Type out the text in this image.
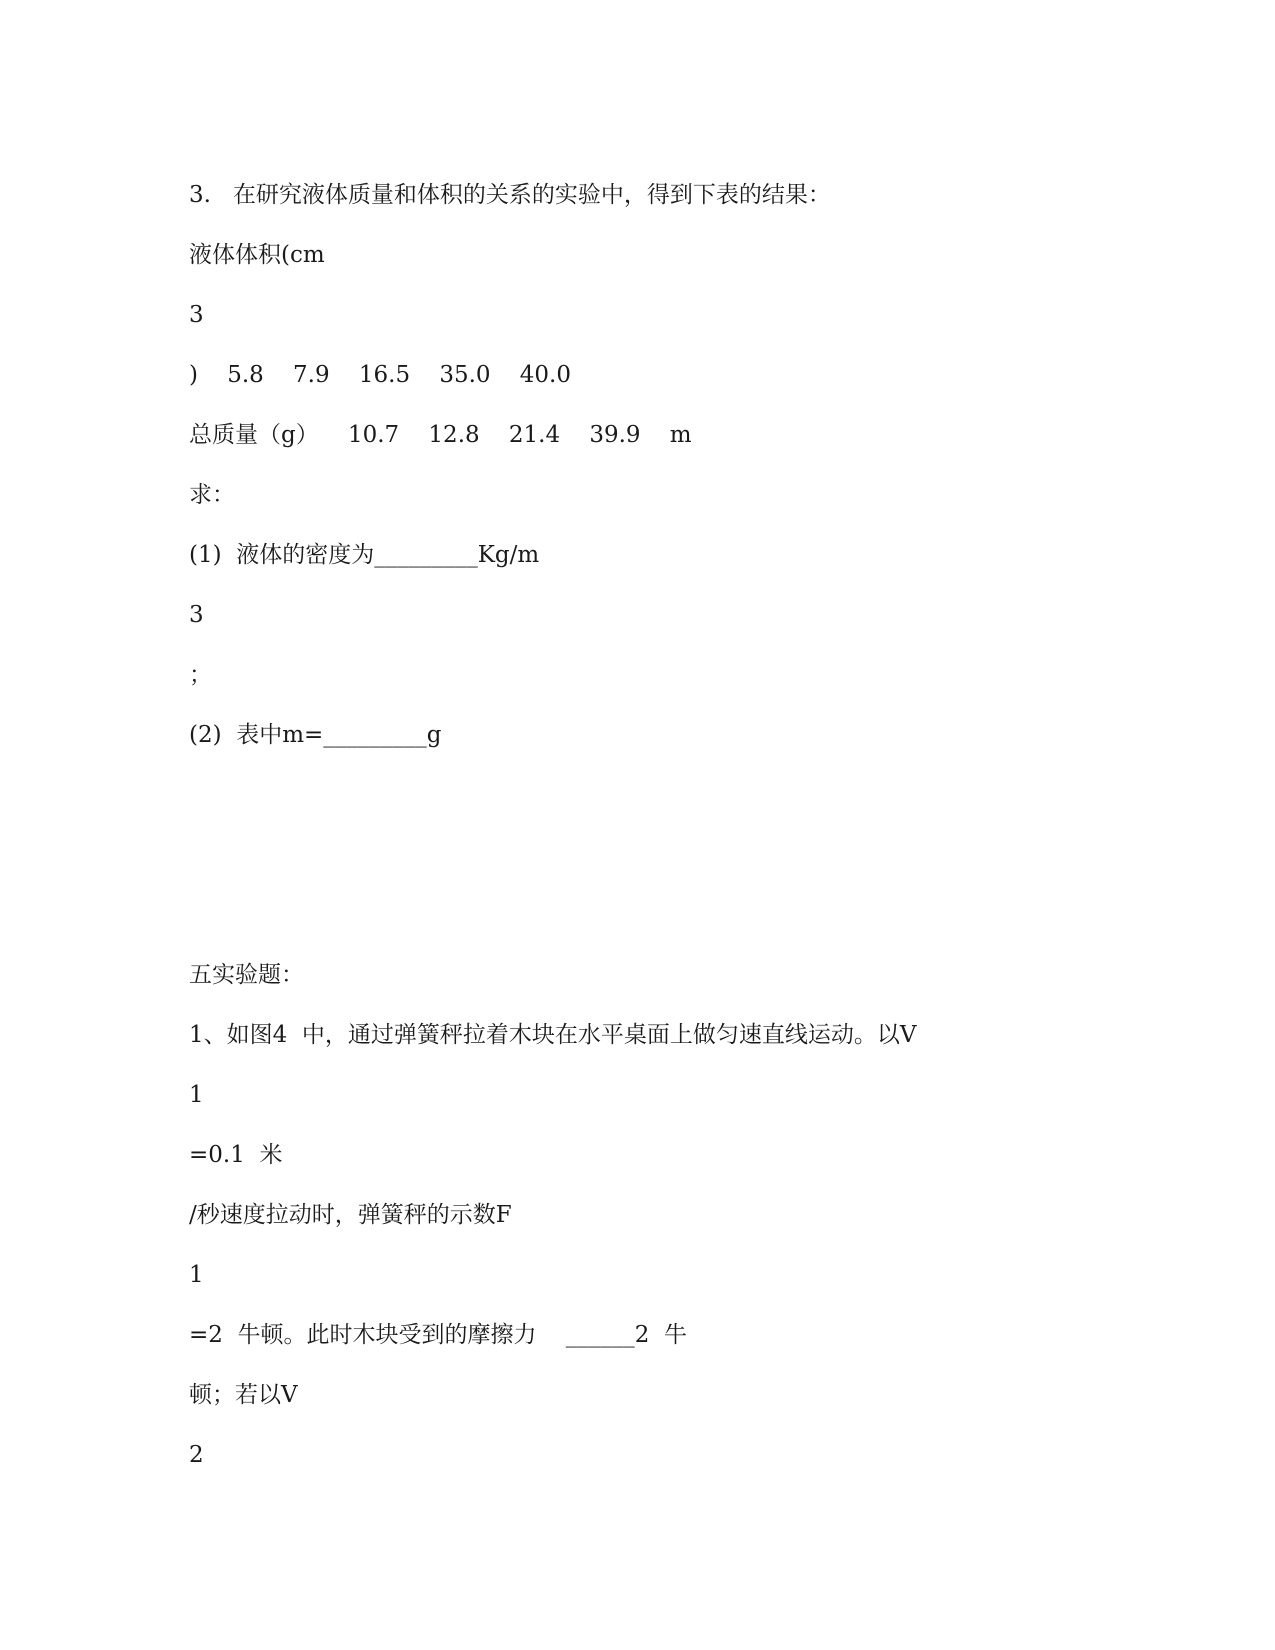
3.   在研究液体质量和体积的关系的实验中，得到下表的结果：

液体体积(cm

3

)    5.8    7.9    16.5    35.0    40.0

总质量（g）    10.7    12.8    21.4    39.9    m

求：

(1)  液体的密度为_________Kg/m

3

；

(2)  表中m=_________g

五实验题：

1、如图4  中，通过弹簧秤拉着木块在水平桌面上做匀速直线运动。以V

1

=0.1  米

/秒速度拉动时，弹簧秤的示数F

1

=2  牛顿。此时木块受到的摩擦力    ______2  牛

顿；若以V

2
